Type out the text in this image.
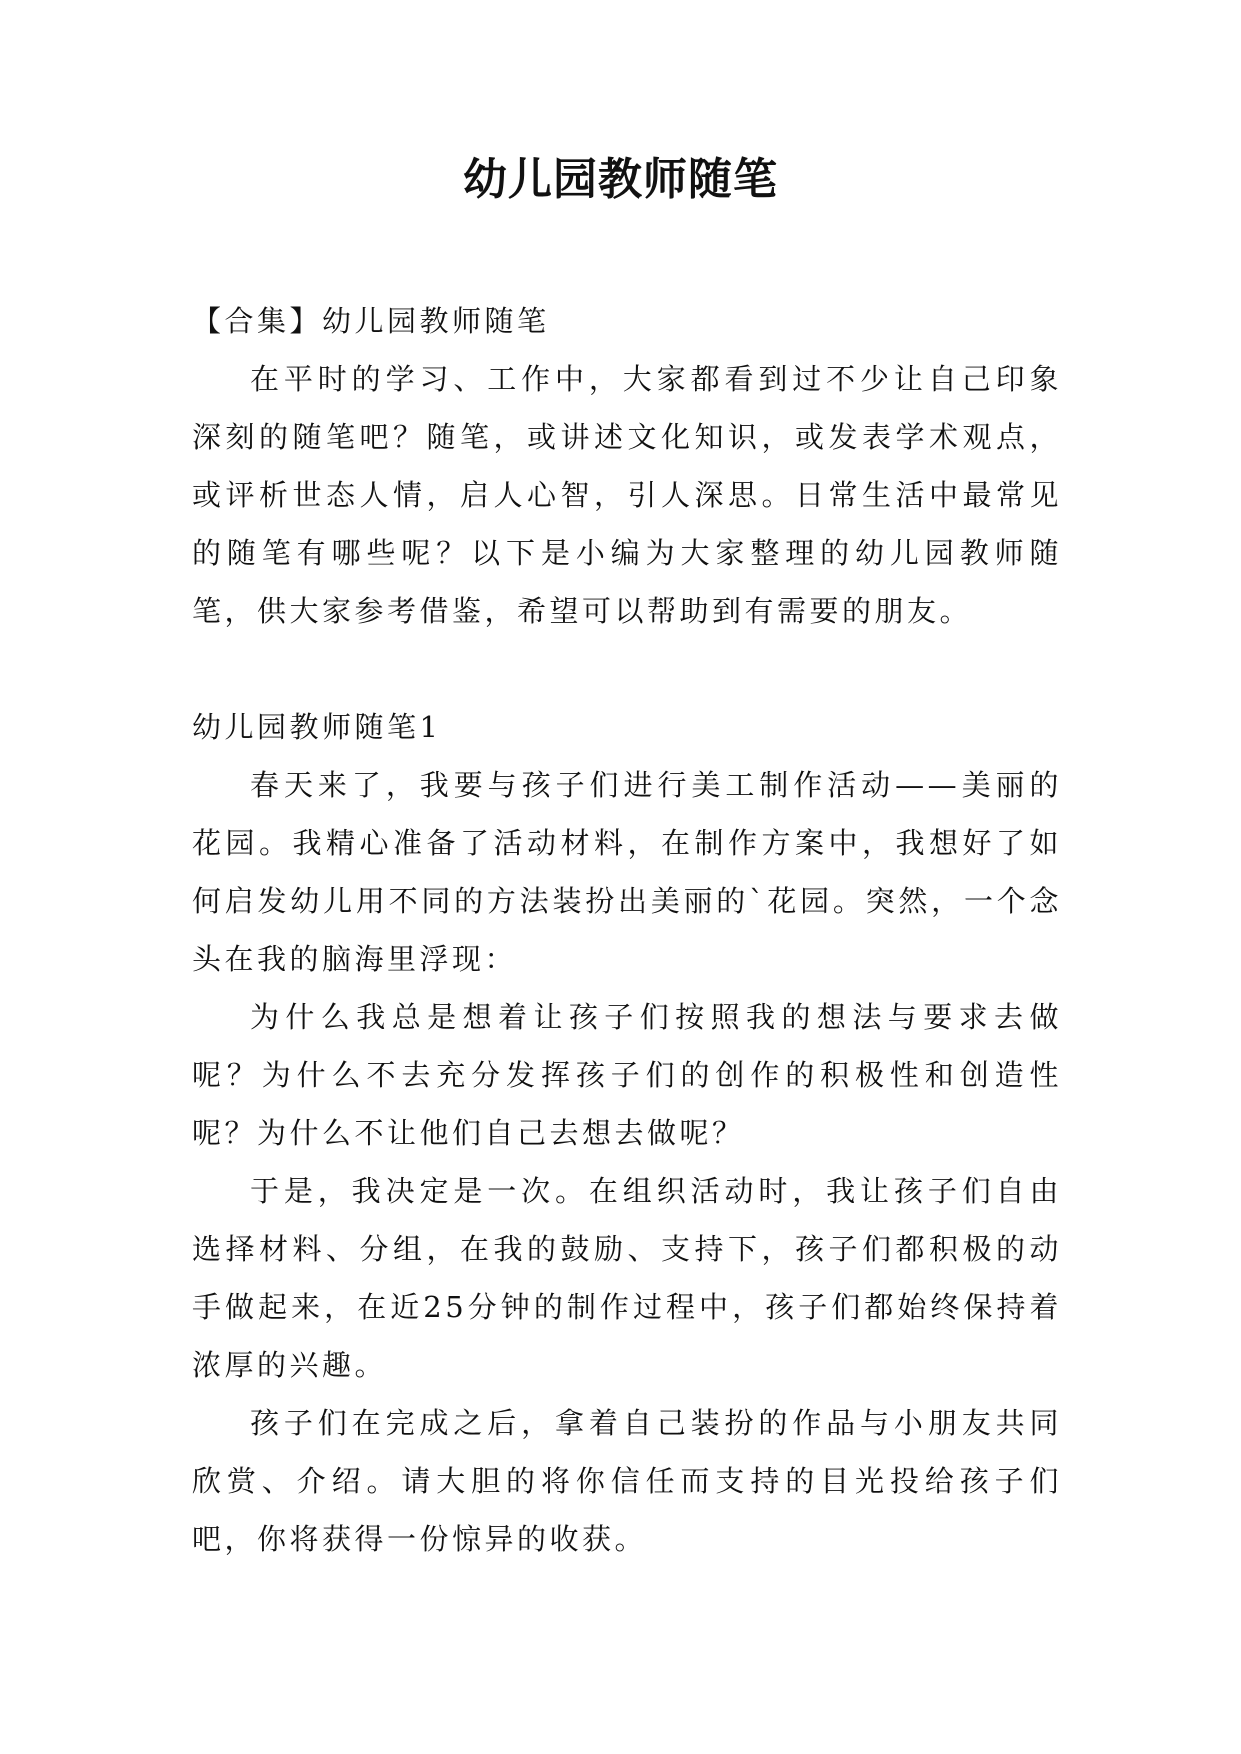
幼儿园教师随笔

【合集】幼儿园教师随笔

在平时的学习、工作中，大家都看到过不少让自己印象深刻的随笔吧？随笔，或讲述文化知识，或发表学术观点，或评析世态人情，启人心智，引人深思。日常生活中最常见的随笔有哪些呢？以下是小编为大家整理的幼儿园教师随笔，供大家参考借鉴，希望可以帮助到有需要的朋友。

幼儿园教师随笔1

春天来了，我要与孩子们进行美工制作活动——美丽的花园。我精心准备了活动材料，在制作方案中，我想好了如何启发幼儿用不同的方法装扮出美丽的`花园。突然，一个念头在我的脑海里浮现：

为什么我总是想着让孩子们按照我的想法与要求去做呢？为什么不去充分发挥孩子们的创作的积极性和创造性呢？为什么不让他们自己去想去做呢？

于是，我决定是一次。在组织活动时，我让孩子们自由选择材料、分组，在我的鼓励、支持下，孩子们都积极的动手做起来，在近25分钟的制作过程中，孩子们都始终保持着浓厚的兴趣。

孩子们在完成之后，拿着自己装扮的作品与小朋友共同欣赏、介绍。请大胆的将你信任而支持的目光投给孩子们吧，你将获得一份惊异的收获。
